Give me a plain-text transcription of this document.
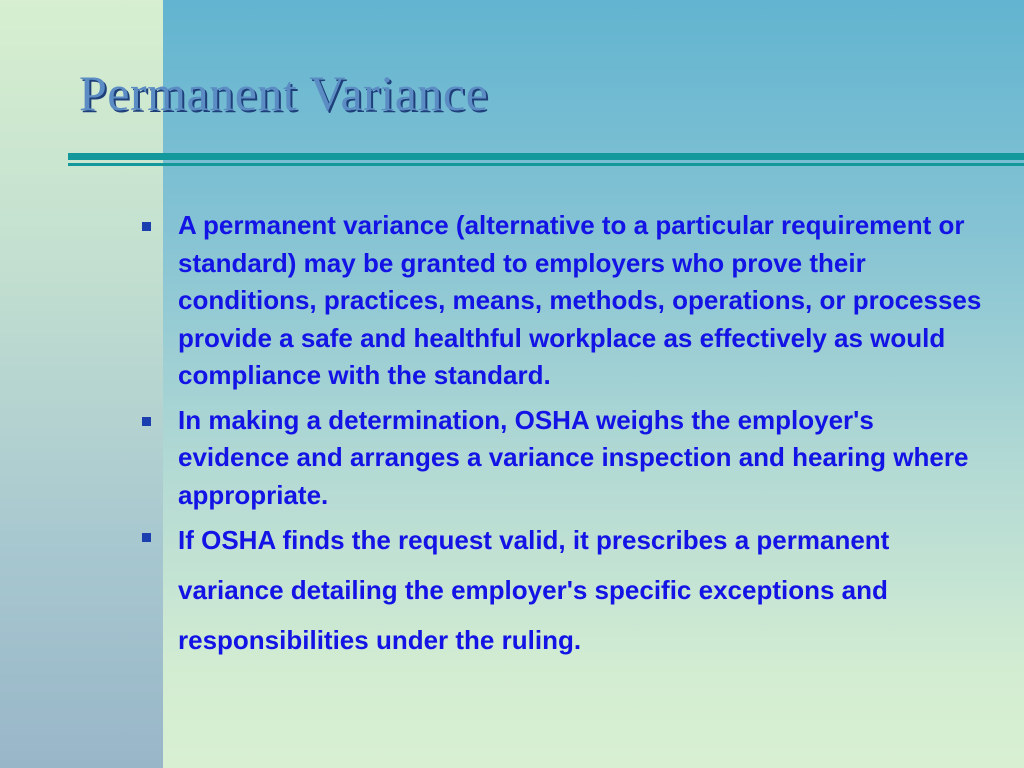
Permanent Variance
A permanent variance (alternative to a particular requirement or standard) may be granted to employers who prove their conditions, practices, means, methods, operations, or processes provide a safe and healthful workplace as effectively as would compliance with the standard.
In making a determination, OSHA weighs the employer's evidence and arranges a variance inspection and hearing where appropriate.
If OSHA finds the request valid, it prescribes a permanent variance detailing the employer's specific exceptions and responsibilities under the ruling.
